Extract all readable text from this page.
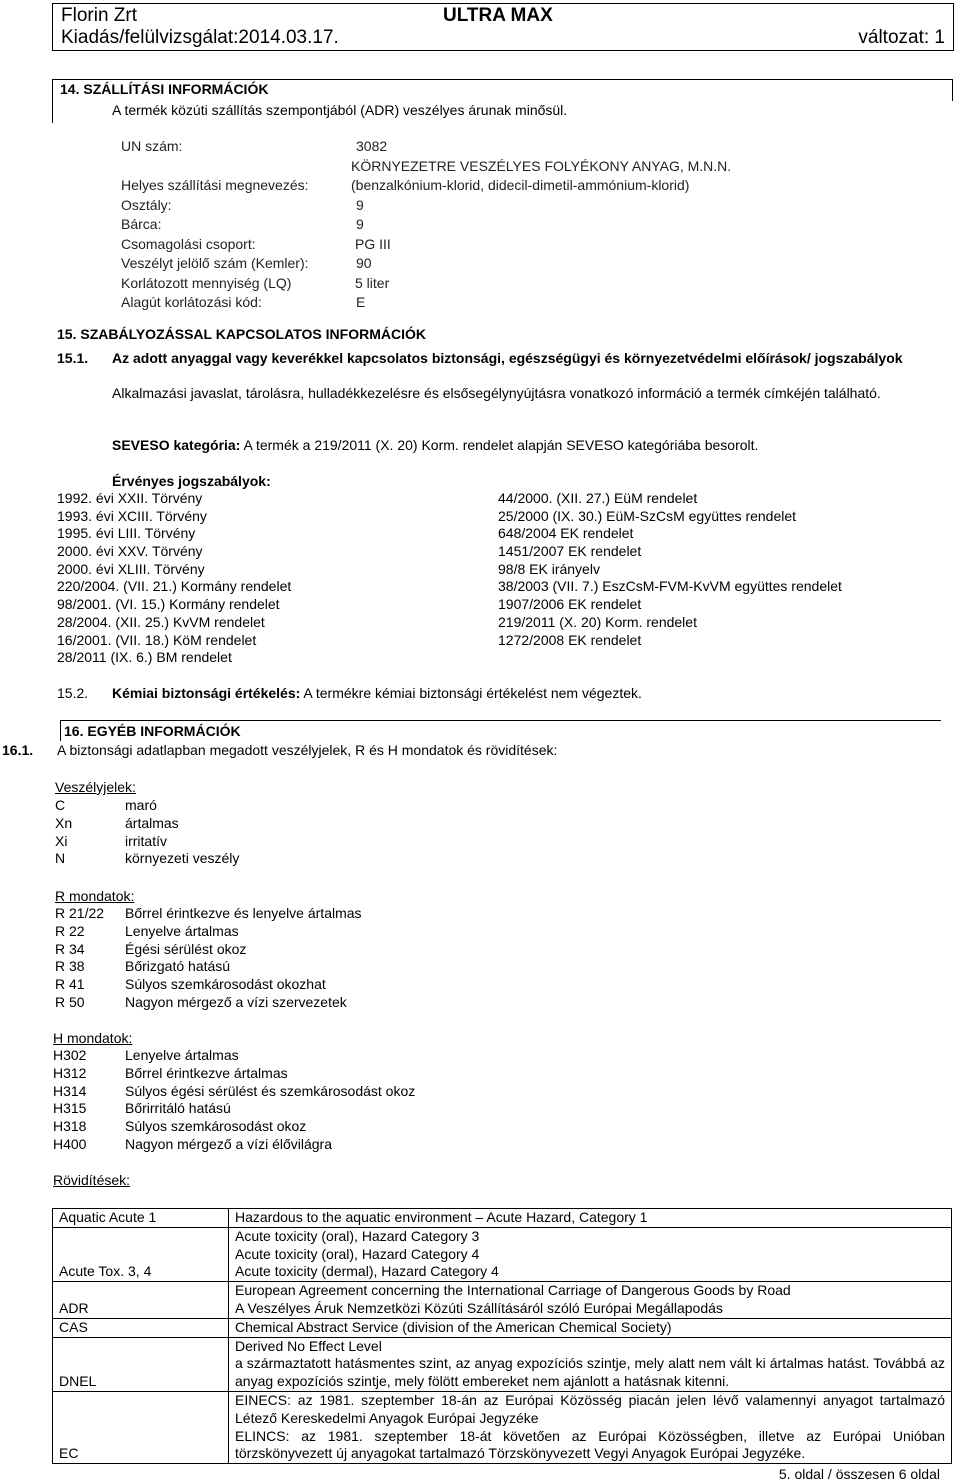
Florin Zrt	ULTRA MAX
Kiadás/felülvizsgálat:2014.03.17.	változat: 1
14. SZÁLLÍTÁSI INFORMÁCIÓK
A termék közúti szállítás szempontjából (ADR) veszélyes árunak minősül.
UN szám:	3082
KÖRNYEZETRE VESZÉLYES FOLYÉKONY ANYAG, M.N.N.
Helyes szállítási megnevezés:	(benzalkónium-klorid, didecil-dimetil-ammónium-klorid)
Osztály:	9
Bárca:	9
Csomagolási csoport:	PG III
Veszélyt jelölő szám (Kemler):	90
Korlátozott mennyiség (LQ)	5 liter
Alagút korlátozási kód:	E
15. SZABÁLYOZÁSSAL KAPCSOLATOS INFORMÁCIÓK
15.1. Az adott anyaggal vagy keverékkel kapcsolatos biztonsági, egészségügyi és környezetvédelmi előírások/ jogszabályok
Alkalmazási javaslat, tárolásra, hulladékkezelésre és elsősegélynyújtásra vonatkozó információ a termék címkéjén található.
SEVESO kategória: A termék a 219/2011 (X. 20) Korm. rendelet alapján SEVESO kategóriába besorolt.
Érvényes jogszabályok:
1992. évi XXII. Törvény
1993. évi XCIII. Törvény
1995. évi LIII. Törvény
2000. évi XXV. Törvény
2000. évi XLIII. Törvény
220/2004. (VII. 21.) Kormány rendelet
98/2001. (VI. 15.) Kormány rendelet
28/2004. (XII. 25.) KvVM rendelet
16/2001. (VII. 18.) KöM rendelet
28/2011 (IX. 6.) BM rendelet
44/2000. (XII. 27.) EüM rendelet
25/2000 (IX. 30.) EüM-SzCsM együttes rendelet
648/2004 EK rendelet
1451/2007 EK rendelet
98/8 EK irányelv
38/2003 (VII. 7.) EszCsM-FVM-KvVM együttes rendelet
1907/2006 EK rendelet
219/2011 (X. 20) Korm. rendelet
1272/2008 EK rendelet
15.2. Kémiai biztonsági értékelés: A termékre kémiai biztonsági értékelést nem végeztek.
16. EGYÉB INFORMÁCIÓK
16.1. A biztonsági adatlapban megadott veszélyjelek, R és H mondatok és rövidítések:
Veszélyjelek:
C	maró
Xn	ártalmas
Xi	irritatív
N	környezeti veszély
R mondatok:
R 21/22 Bőrrel érintkezve és lenyelve ártalmas
R 22	Lenyelve ártalmas
R 34	Égési sérülést okoz
R 38	Bőrizgató hatású
R 41	Súlyos szemkárosodást okozhat
R 50	Nagyon mérgező a vízi szervezetek
H mondatok:
H302	Lenyelve ártalmas
H312	Bőrrel érintkezve ártalmas
H314	Súlyos égési sérülést és szemkárosodást okoz
H315	Bőrirritáló hatású
H318	Súlyos szemkárosodást okoz
H400	Nagyon mérgező a vízi élővilágra
Rövidítések:
Aquatic Acute 1	Hazardous to the aquatic environment – Acute Hazard, Category 1

Acute Tox. 3, 4	Acute toxicity (oral), Hazard Category 3
Acute toxicity (oral), Hazard Category 4
Acute toxicity (dermal), Hazard Category 4

ADR	European Agreement concerning the International Carriage of Dangerous Goods by Road
A Veszélyes Áruk Nemzetközi Közúti Szállításáról szóló Európai Megállapodás

CAS	Chemical Abstract Service (division of the American Chemical Society)

DNEL	Derived No Effect Level
a származtatott hatásmentes szint, az anyag expozíciós szintje, mely alatt nem vált ki ártalmas hatást. Továbbá az anyag expozíciós szintje, mely fölött embereket nem ajánlott a hatásnak kitenni.

EC	EINECS: az 1981. szeptember 18-án az Európai Közösség piacán jelen lévő valamennyi anyagot tartalmazó Létező Kereskedelmi Anyagok Európai Jegyzéke
ELINCS: az 1981. szeptember 18-át követően az Európai Közösségben, illetve az Európai Unióban törzskönyvezett új anyagokat tartalmazó Törzskönyvezett Vegyi Anyagok Európai Jegyzéke.
5. oldal / összesen 6 oldal
